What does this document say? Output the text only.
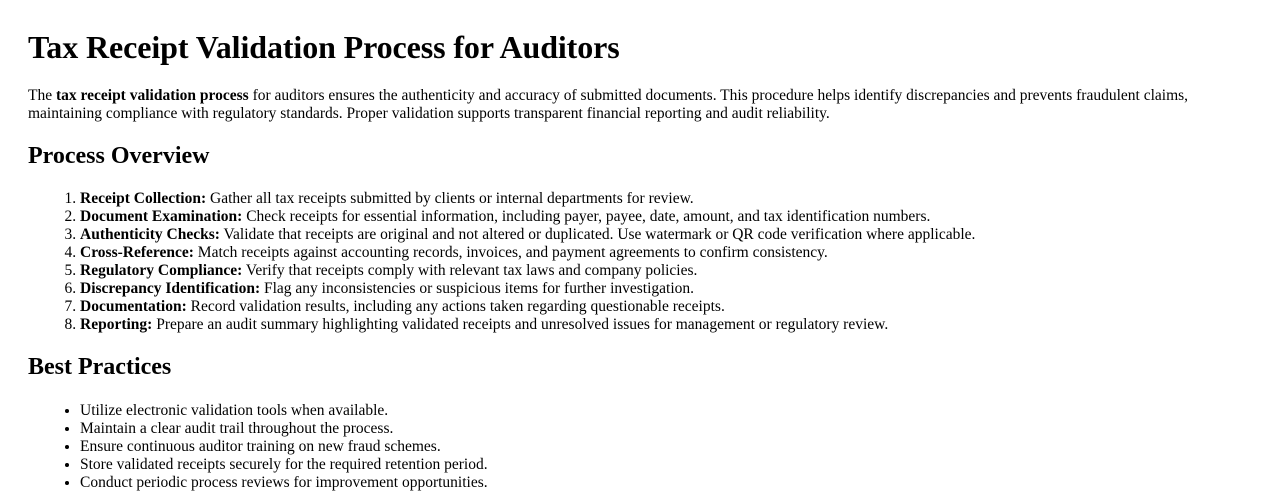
Tax Receipt Validation Process for Auditors

The tax receipt validation process for auditors ensures the authenticity and accuracy of submitted documents. This procedure helps identify discrepancies and prevents fraudulent claims, maintaining compliance with regulatory standards. Proper validation supports transparent financial reporting and audit reliability.

Process Overview
1. Receipt Collection: Gather all tax receipts submitted by clients or internal departments for review.
2. Document Examination: Check receipts for essential information, including payer, payee, date, amount, and tax identification numbers.
3. Authenticity Checks: Validate that receipts are original and not altered or duplicated. Use watermark or QR code verification where applicable.
4. Cross-Reference: Match receipts against accounting records, invoices, and payment agreements to confirm consistency.
5. Regulatory Compliance: Verify that receipts comply with relevant tax laws and company policies.
6. Discrepancy Identification: Flag any inconsistencies or suspicious items for further investigation.
7. Documentation: Record validation results, including any actions taken regarding questionable receipts.
8. Reporting: Prepare an audit summary highlighting validated receipts and unresolved issues for management or regulatory review.
Best Practices
• Utilize electronic validation tools when available.
• Maintain a clear audit trail throughout the process.
• Ensure continuous auditor training on new fraud schemes.
• Store validated receipts securely for the required retention period.
• Conduct periodic process reviews for improvement opportunities.
